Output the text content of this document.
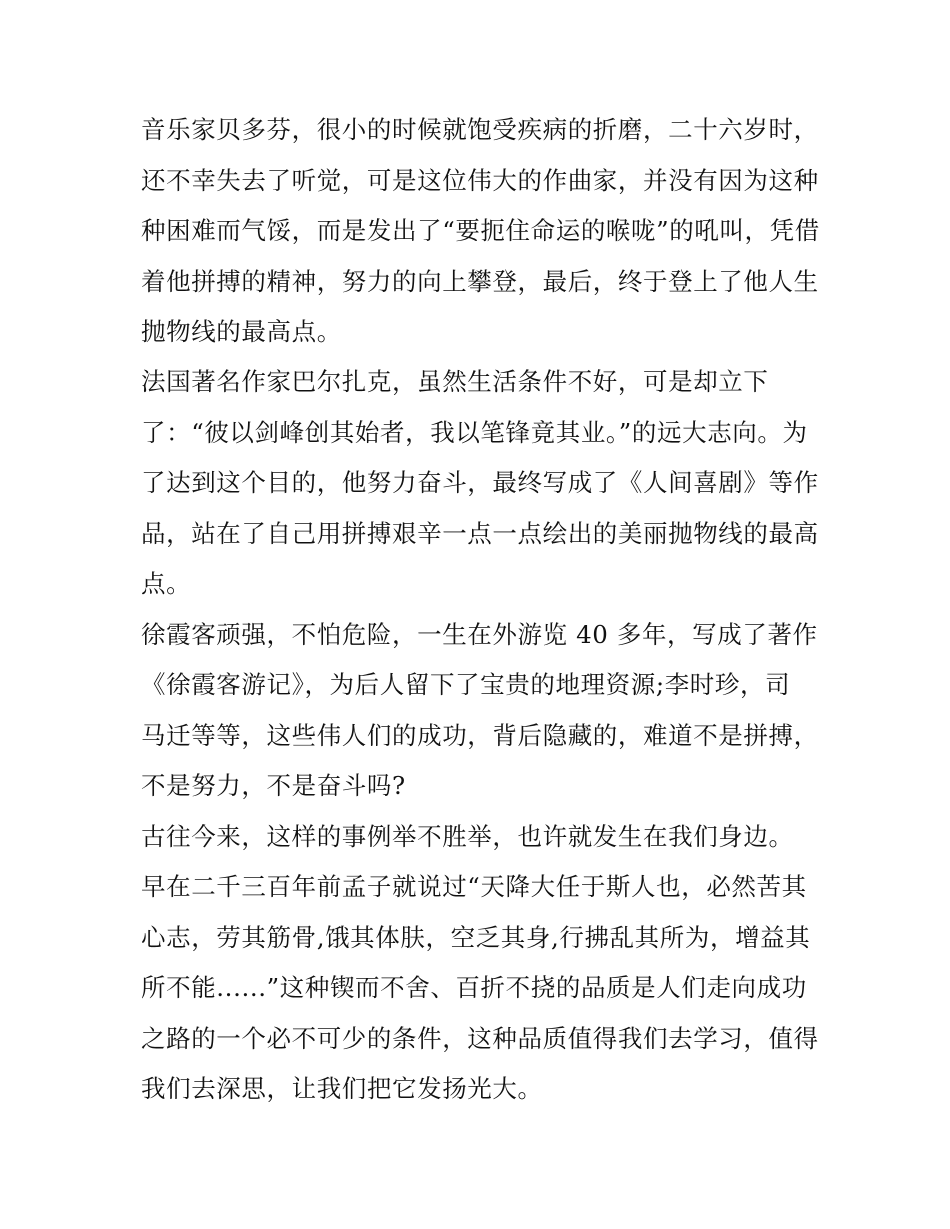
音乐家贝多芬，很小的时候就饱受疾病的折磨，二十六岁时，
还不幸失去了听觉，可是这位伟大的作曲家，并没有因为这种
种困难而气馁，而是发出了“要扼住命运的喉咙”的吼叫，凭借
着他拼搏的精神，努力的向上攀登，最后，终于登上了他人生
抛物线的最高点。
法国著名作家巴尔扎克，虽然生活条件不好，可是却立下
了：“彼以剑峰创其始者，我以笔锋竟其业。”的远大志向。为
了达到这个目的，他努力奋斗，最终写成了《人间喜剧》等作
品，站在了自己用拼搏艰辛一点一点绘出的美丽抛物线的最高
点。
徐霞客顽强，不怕危险，一生在外游览 40 多年，写成了著作
《徐霞客游记》，为后人留下了宝贵的地理资源;李时珍，司
马迁等等，这些伟人们的成功，背后隐藏的，难道不是拼搏，
不是努力，不是奋斗吗?
古往今来，这样的事例举不胜举，也许就发生在我们身边。
早在二千三百年前孟子就说过“天降大任于斯人也，必然苦其
心志，劳其筋骨,饿其体肤，空乏其身,行拂乱其所为，增益其
所不能......”这种锲而不舍、百折不挠的品质是人们走向成功
之路的一个必不可少的条件，这种品质值得我们去学习，值得
我们去深思，让我们把它发扬光大。
